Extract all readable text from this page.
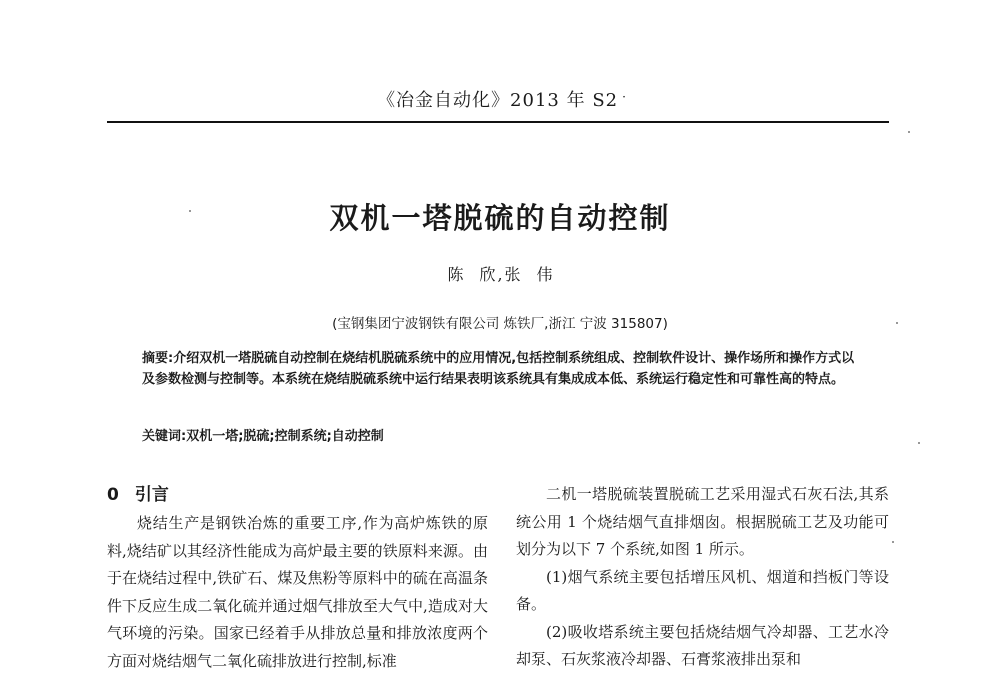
《冶金自动化》2013 年 S2 ·
双机一塔脱硫的自动控制
陈　欣 , 张　伟
(宝钢集团宁波钢铁有限公司 炼铁厂,浙江 宁波 315807)
摘要:介绍双机一塔脱硫自动控制在烧结机脱硫系统中的应用情况,包括控制系统组成、控制软件设计、操作场所和操作方式以及参数检测与控制等。本系统在烧结脱硫系统中运行结果表明该系统具有集成成本低、系统运行稳定性和可靠性高的特点。
关键词:双机一塔;脱硫;控制系统;自动控制
0 引言

烧结生产是钢铁冶炼的重要工序,作为高炉炼铁的原料,烧结矿以其经济性能成为高炉最主要的铁原料来源。由于在烧结过程中,铁矿石、煤及焦粉等原料中的硫在高温条件下反应生成二氧化硫并通过烟气排放至大气中,造成对大气环境的污染。国家已经着手从排放总量和排放浓度两个方面对烧结烟气二氧化硫排放进行控制,标准

二机一塔脱硫装置脱硫工艺采用湿式石灰石法,其系统公用 1 个烧结烟气直排烟囱。根据脱硫工艺及功能可划分为以下 7 个系统,如图 1 所示。

(1)烟气系统主要包括增压风机、烟道和挡板门等设备。

(2)吸收塔系统主要包括烧结烟气冷却器、工艺水冷却泵、石灰浆液冷却器、石膏浆液排出泵和
